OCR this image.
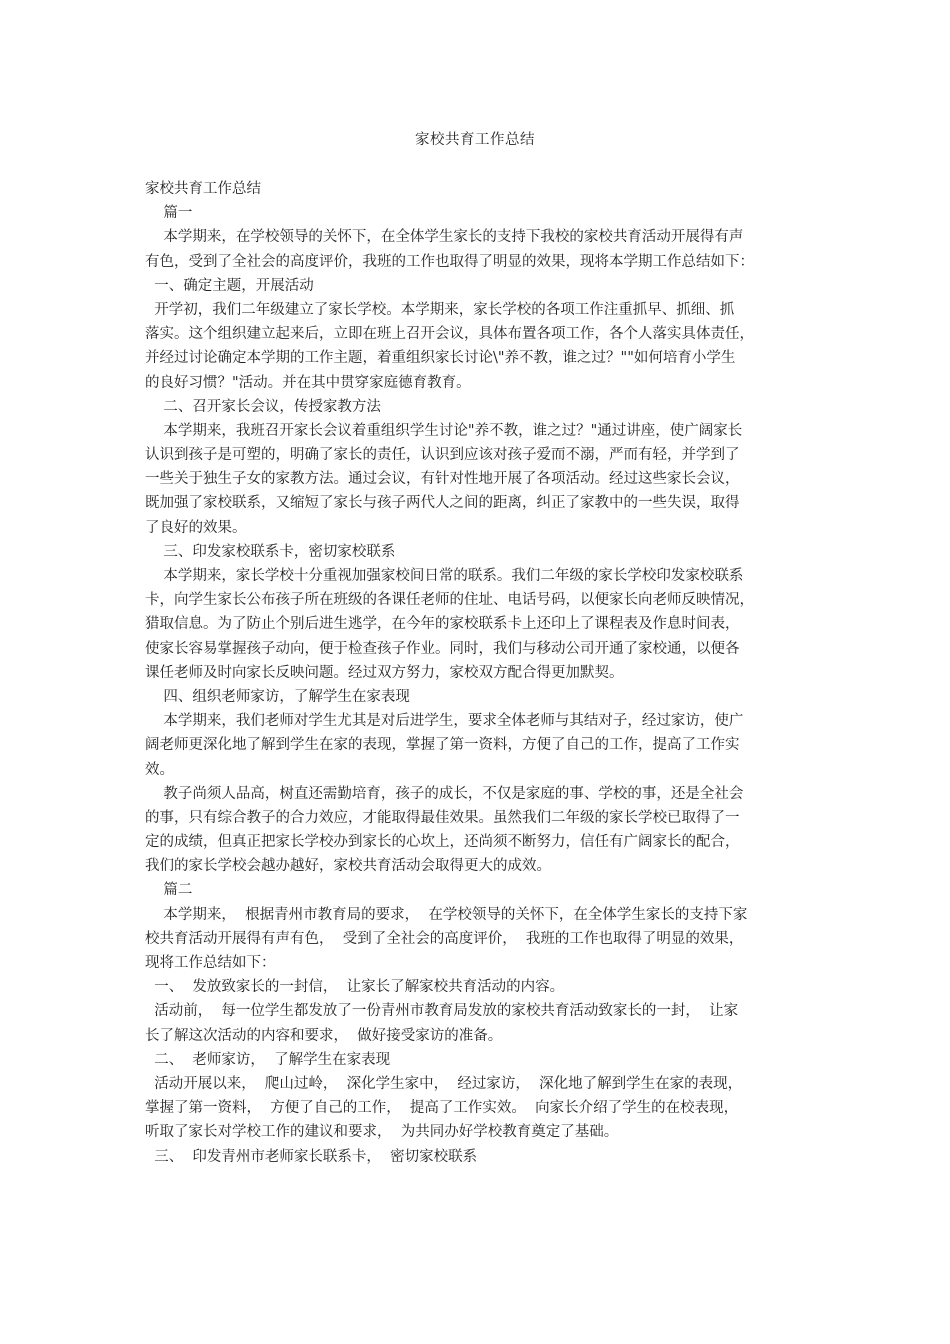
家校共育工作总结
家校共育工作总结
篇一
本学期来，在学校领导的关怀下，在全体学生家长的支持下我校的家校共育活动开展得有声
有色，受到了全社会的高度评价，我班的工作也取得了明显的效果，现将本学期工作总结如下：
一、确定主题，开展活动
开学初，我们二年级建立了家长学校。本学期来，家长学校的各项工作注重抓早、抓细、抓
落实。这个组织建立起来后，立即在班上召开会议，具体布置各项工作，各个人落实具体责任，
并经过讨论确定本学期的工作主题，着重组织家长讨论\"养不教，谁之过？""如何培育小学生
的良好习惯？"活动。并在其中贯穿家庭德育教育。
二、召开家长会议，传授家教方法
本学期来，我班召开家长会议着重组织学生讨论"养不教，谁之过？"通过讲座，使广阔家长
认识到孩子是可塑的，明确了家长的责任，认识到应该对孩子爱而不溺，严而有轻，并学到了
一些关于独生子女的家教方法。通过会议，有针对性地开展了各项活动。经过这些家长会议，
既加强了家校联系，又缩短了家长与孩子两代人之间的距离，纠正了家教中的一些失误，取得
了良好的效果。
三、印发家校联系卡，密切家校联系
本学期来，家长学校十分重视加强家校间日常的联系。我们二年级的家长学校印发家校联系
卡，向学生家长公布孩子所在班级的各课任老师的住址、电话号码，以便家长向老师反映情况，
猎取信息。为了防止个别后进生逃学，在今年的家校联系卡上还印上了课程表及作息时间表，
使家长容易掌握孩子动向，便于检查孩子作业。同时，我们与移动公司开通了家校通，以便各
课任老师及时向家长反映问题。经过双方努力，家校双方配合得更加默契。
四、组织老师家访，了解学生在家表现
本学期来，我们老师对学生尤其是对后进学生，要求全体老师与其结对子，经过家访，使广
阔老师更深化地了解到学生在家的表现，掌握了第一资料，方便了自己的工作，提高了工作实
效。
教子尚须人品高，树直还需勤培育，孩子的成长，不仅是家庭的事、学校的事，还是全社会
的事，只有综合教子的合力效应，才能取得最佳效果。虽然我们二年级的家长学校已取得了一
定的成绩，但真正把家长学校办到家长的心坎上，还尚须不断努力，信任有广阔家长的配合，
我们的家长学校会越办越好，家校共育活动会取得更大的成效。
篇二
本学期来，  根据青州市教育局的要求，  在学校领导的关怀下，在全体学生家长的支持下家
校共育活动开展得有声有色，  受到了全社会的高度评价，  我班的工作也取得了明显的效果，
现将工作总结如下：
一、  发放致家长的一封信，  让家长了解家校共育活动的内容。
活动前，  每一位学生都发放了一份青州市教育局发放的家校共育活动致家长的一封，  让家
长了解这次活动的内容和要求，  做好接受家访的准备。
二、  老师家访，  了解学生在家表现
活动开展以来，  爬山过岭，  深化学生家中，  经过家访，  深化地了解到学生在家的表现，
掌握了第一资料，  方便了自己的工作，  提高了工作实效。  向家长介绍了学生的在校表现，
听取了家长对学校工作的建议和要求，  为共同办好学校教育奠定了基础。
三、  印发青州市老师家长联系卡，  密切家校联系
